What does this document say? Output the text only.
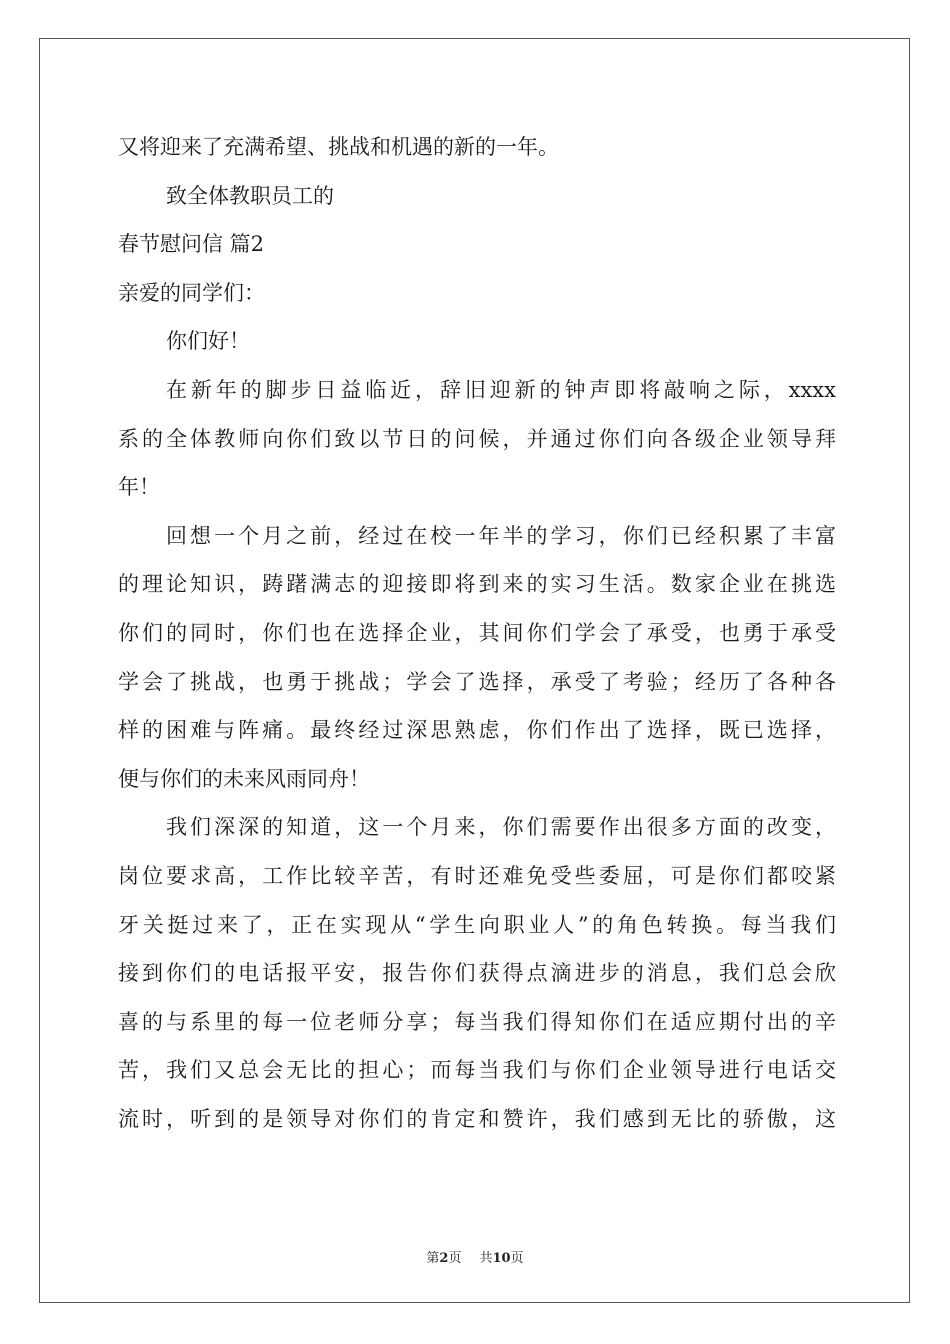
又将迎来了充满希望、挑战和机遇的新的一年。
致全体教职员工的
春节慰问信 篇2
亲爱的同学们：
你们好！
在新年的脚步日益临近，辞旧迎新的钟声即将敲响之际，xxxx
系的全体教师向你们致以节日的问候，并通过你们向各级企业领导拜
年！
回想一个月之前，经过在校一年半的学习，你们已经积累了丰富
的理论知识，踌躇满志的迎接即将到来的实习生活。数家企业在挑选
你们的同时，你们也在选择企业，其间你们学会了承受，也勇于承受
学会了挑战，也勇于挑战；学会了选择，承受了考验；经历了各种各
样的困难与阵痛。最终经过深思熟虑，你们作出了选择，既已选择，
便与你们的未来风雨同舟！
我们深深的知道，这一个月来，你们需要作出很多方面的改变，
岗位要求高，工作比较辛苦，有时还难免受些委屈，可是你们都咬紧
牙关挺过来了，正在实现从“学生向职业人”的角色转换。每当我们
接到你们的电话报平安，报告你们获得点滴进步的消息，我们总会欣
喜的与系里的每一位老师分享；每当我们得知你们在适应期付出的辛
苦，我们又总会无比的担心；而每当我们与你们企业领导进行电话交
流时，听到的是领导对你们的肯定和赞许，我们感到无比的骄傲，这
第2页 共10页
